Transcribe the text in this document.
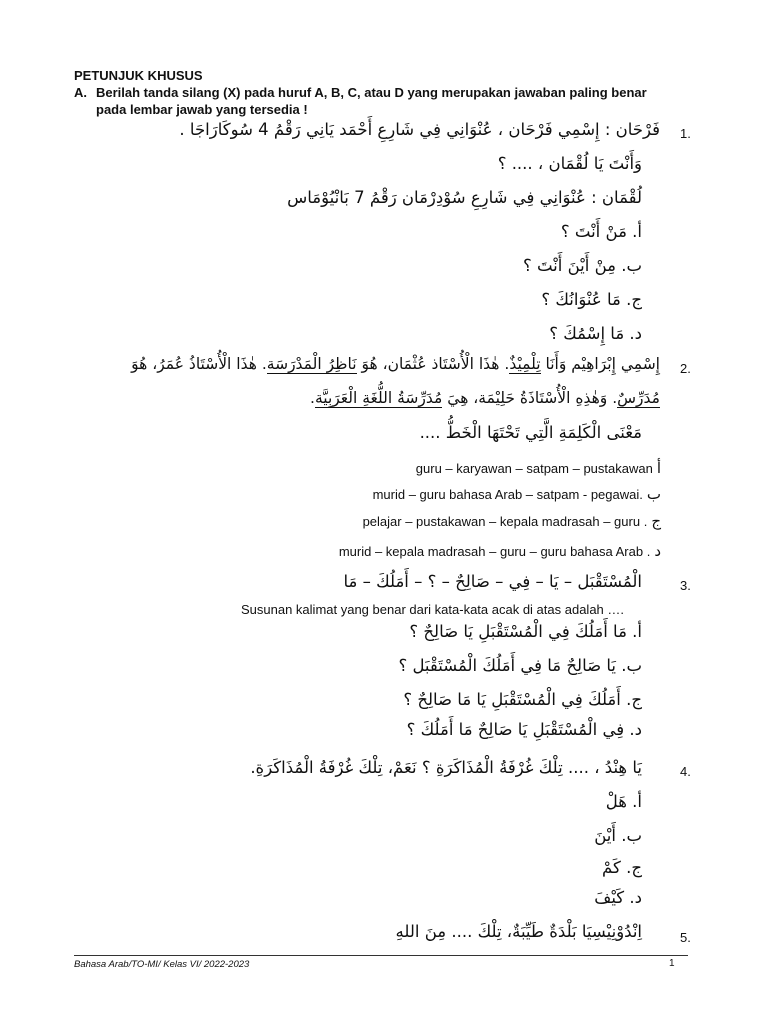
PETUNJUK KHUSUS
A. Berilah tanda silang (X) pada huruf A, B, C, atau D yang merupakan jawaban paling benar
pada lembar jawab yang tersedia !
1.
فَرْحَان : إِسْمِي فَرْحَان ، عُنْوَانِي فِي شَارِعِ أَحْمَد يَانِي رَقْمُ 4 سُوكَارَاجَا .
وَأَنْتَ يَا لُقْمَان ، .... ؟
لُقْمَان : عُنْوَانِي فِي شَارِعِ سُوْدِرْمَان رَقْمُ 7 بَانْيُوْمَاس
أ. مَنْ أَنْتَ ؟
ب. مِنْ أَيْنَ أَنْتَ ؟
ج. مَا عُنْوَانُكَ ؟
د. مَا إِسْمُكَ ؟
2.
إِسْمِي إِبْرَاهِيْم وَأَنَا تِلْمِيْذٌ. هٰذَا الْأُسْتَاذ عُثْمَان، هُوَ نَاظِرُ الْمَدْرَسَة. هٰذَا الْأُسْتَاذُ عُمَرُ، هُوَ
مُدَرِّسٌ. وَهٰذِهِ الْأُسْتَاذَةُ حَلِيْمَة، هِيَ مُدَرِّسَةُ اللُّغَةِ الْعَرَبِيَّة.
مَعْنَى الْكَلِمَةِ الَّتِي تَحْتَهَا الْخَطُّ ....
guru – karyawan – satpam – pustakawan أ
murid – guru bahasa Arab – satpam - pegawai. ب
pelajar – pustakawan – kepala madrasah – guru . ج
murid – kepala madrasah – guru – guru bahasa Arab . د
3.
الْمُسْتَقْبَل – يَا – فِي – صَالِحٌ – ؟ – أَمَلُكَ – مَا
Susunan kalimat yang benar dari kata-kata acak di atas adalah ….
أ. مَا أَمَلُكَ فِي الْمُسْتَقْبَلِ يَا صَالِحٌ ؟
ب. يَا صَالِحٌ مَا فِي أَمَلُكَ الْمُسْتَقْبَل ؟
ج. أَمَلُكَ فِي الْمُسْتَقْبَلِ يَا مَا صَالِحٌ ؟
د. فِي الْمُسْتَقْبَلِ يَا صَالِحٌ مَا أَمَلُكَ ؟
4.
يَا هِنْدُ ، .... تِلْكَ غُرْفَةُ الْمُذَاكَرَةِ ؟ نَعَمْ، تِلْكَ غُرْفَةُ الْمُذَاكَرَةِ.
أ. هَلْ
ب. أَيْنَ
ج. كَمْ
د. كَيْفَ
5.
اِنْدُوْنِيْسِيَا بَلْدَةٌ طَيِّبَةٌ، تِلْكَ .... مِنَ اللهِ
Bahasa Arab/TO-MI/ Kelas VI/ 2022-2023	1
